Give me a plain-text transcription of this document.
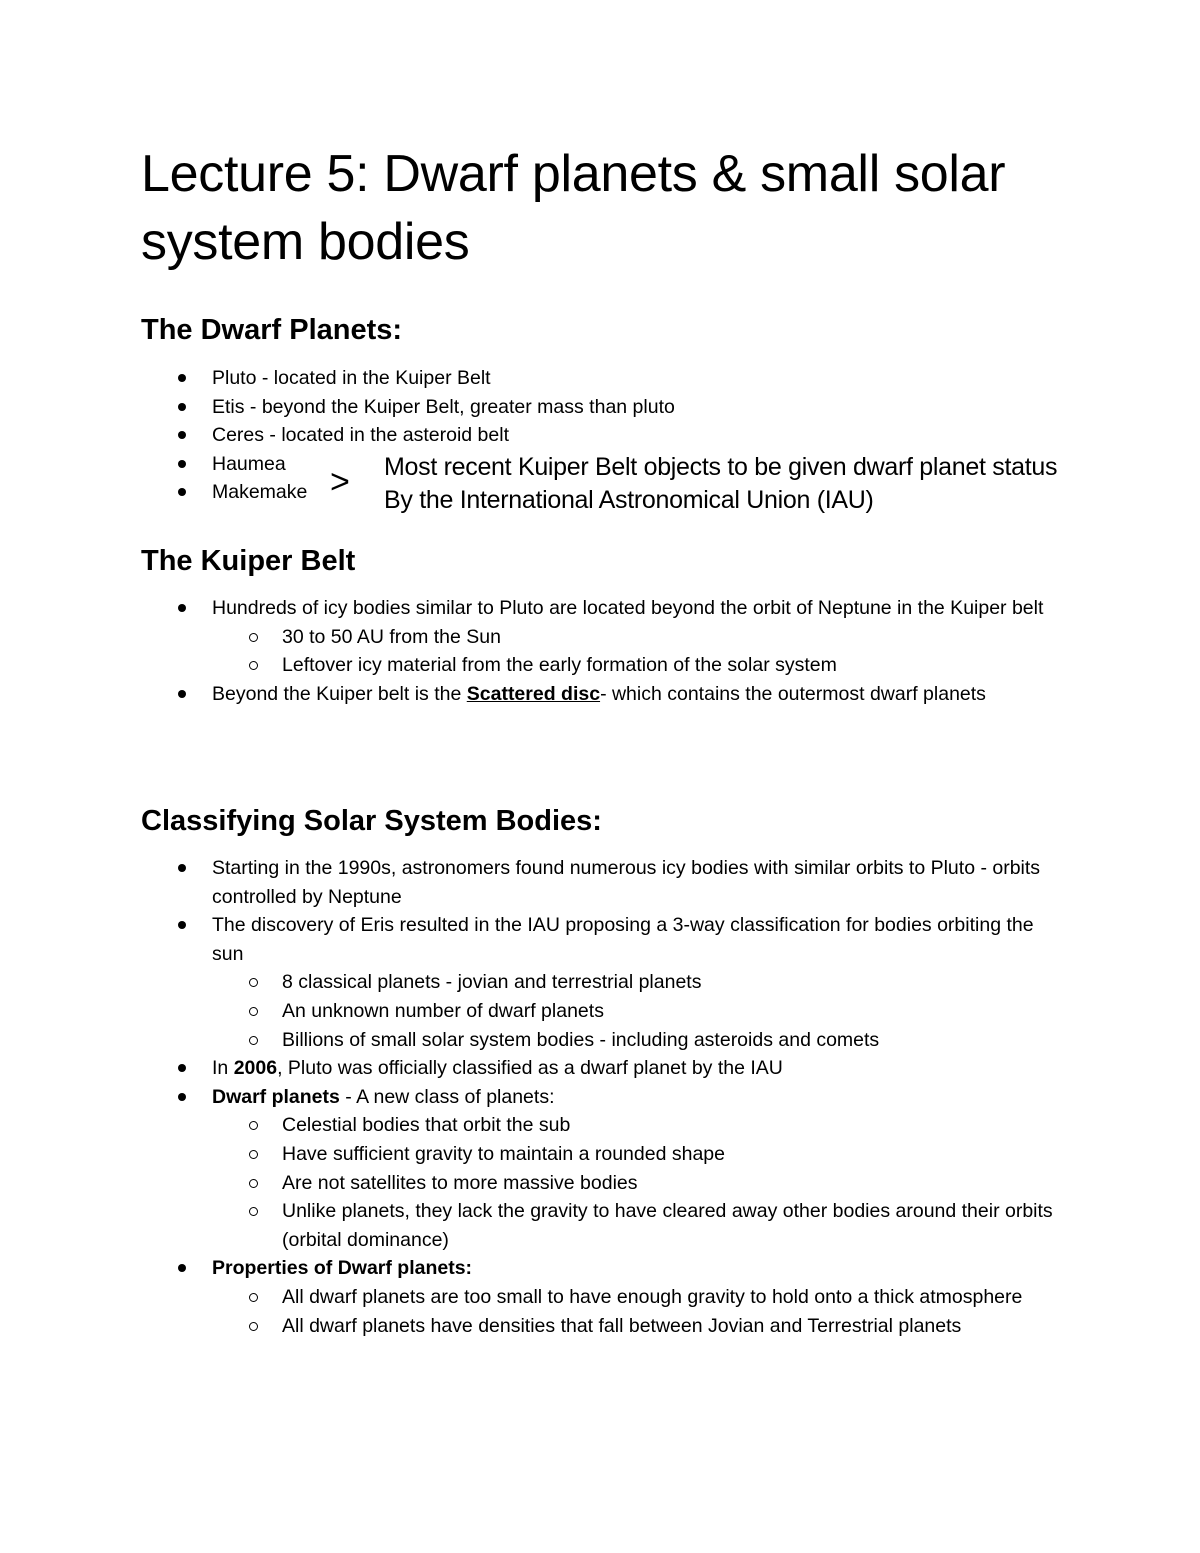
Lecture 5: Dwarf planets & small solar system bodies
The Dwarf Planets:
Pluto - located in the Kuiper Belt
Etis - beyond the Kuiper Belt, greater mass than pluto
Ceres - located in the asteroid belt
Haumea
Makemake > Most recent Kuiper Belt objects to be given dwarf planet status
By the International Astronomical Union (IAU)
The Kuiper Belt
Hundreds of icy bodies similar to Pluto are located beyond the orbit of Neptune in the Kuiper belt
30 to 50 AU from the Sun
Leftover icy material from the early formation of the solar system
Beyond the Kuiper belt is the Scattered disc- which contains the outermost dwarf planets
Classifying Solar System Bodies:
Starting in the 1990s, astronomers found numerous icy bodies with similar orbits to Pluto - orbits controlled by Neptune
The discovery of Eris resulted in the IAU proposing a 3-way classification for bodies orbiting the sun
8 classical planets - jovian and terrestrial planets
An unknown number of dwarf planets
Billions of small solar system bodies - including asteroids and comets
In 2006, Pluto was officially classified as a dwarf planet by the IAU
Dwarf planets - A new class of planets:
Celestial bodies that orbit the sub
Have sufficient gravity to maintain a rounded shape
Are not satellites to more massive bodies
Unlike planets, they lack the gravity to have cleared away other bodies around their orbits (orbital dominance)
Properties of Dwarf planets:
All dwarf planets are too small to have enough gravity to hold onto a thick atmosphere
All dwarf planets have densities that fall between Jovian and Terrestrial planets
